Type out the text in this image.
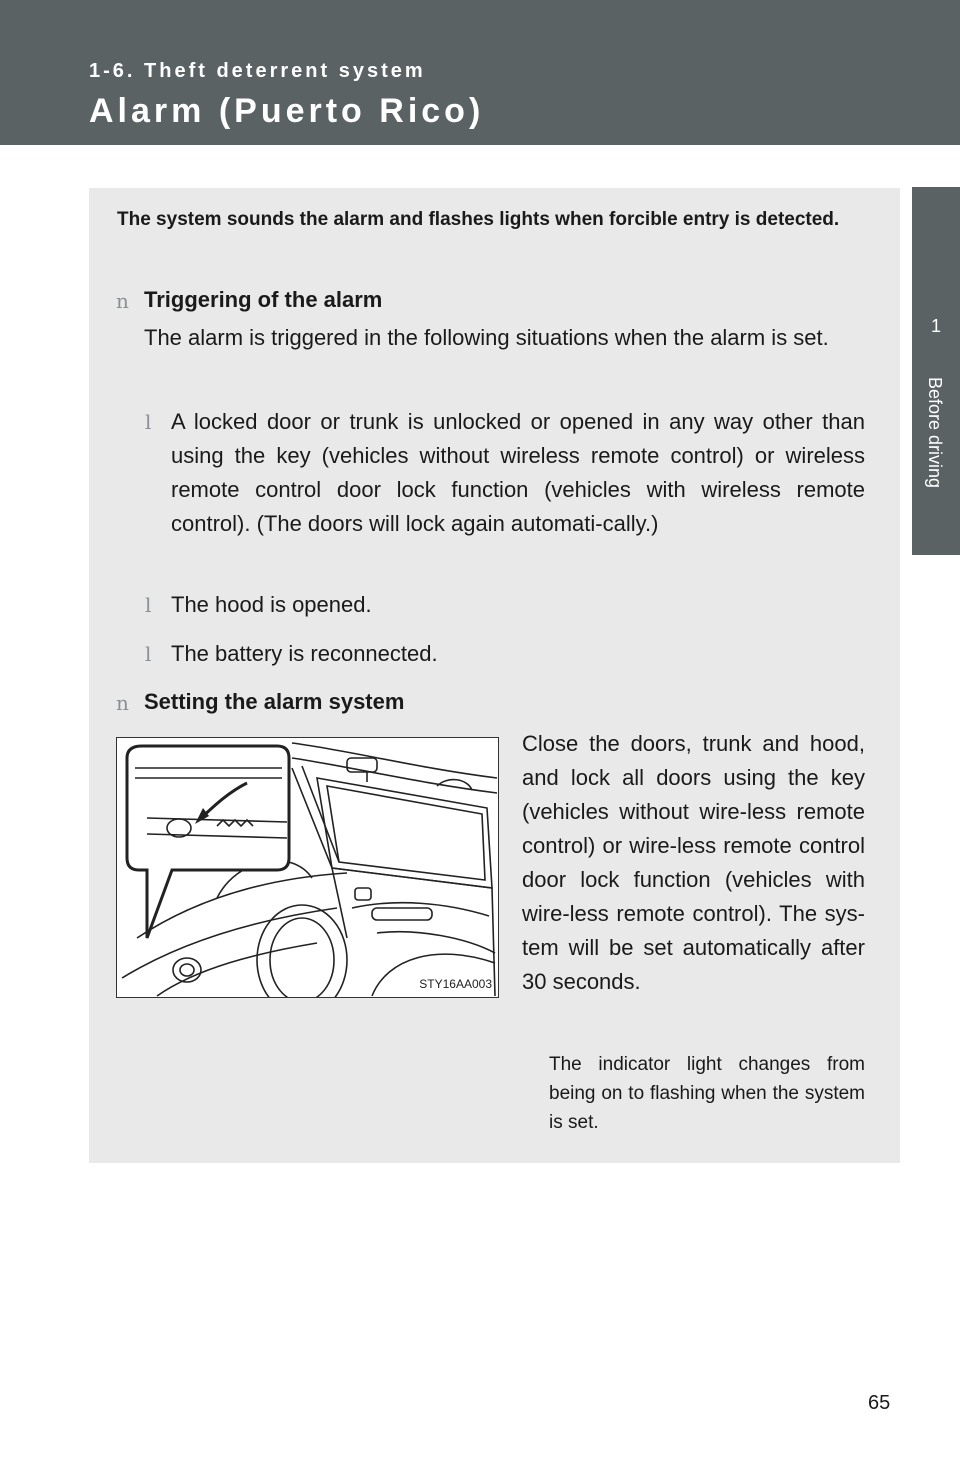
1-6. Theft deterrent system
Alarm (Puerto Rico)
1
Before driving
The system sounds the alarm and flashes lights when forcible entry is detected.
n Triggering of the alarm
The alarm is triggered in the following situations when the alarm is set.
l A locked door or trunk is unlocked or opened in any way other than using the key (vehicles without wireless remote control) or wireless remote control door lock function (vehicles with wireless remote control). (The doors will lock again automati-cally.)
l The hood is opened.
l The battery is reconnected.
n Setting the alarm system
STY16AA003
Close the doors, trunk and hood, and lock all doors using the key (vehicles without wire-less remote control) or wire-less remote control door lock function (vehicles with wire-less remote control). The sys-tem will be set automatically after 30 seconds.
The indicator light changes from being on to flashing when the system is set.
65
